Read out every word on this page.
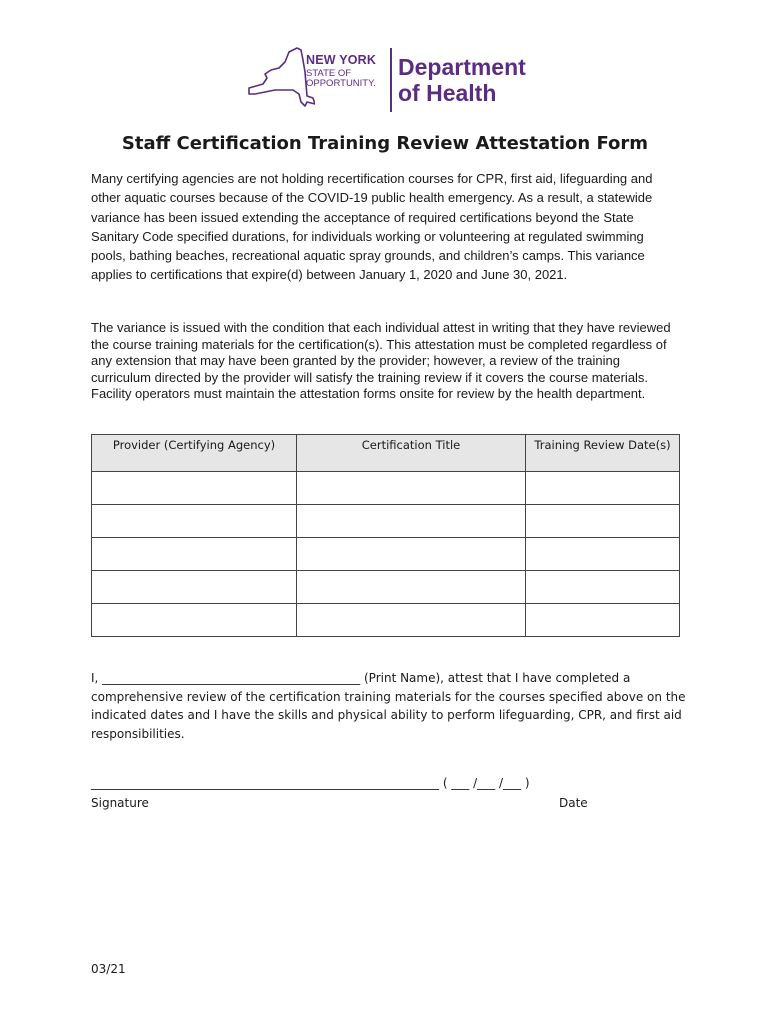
NEW YORK
STATE OF
OPPORTUNITY.
Department
of Health
Staff Certification Training Review Attestation Form
Many certifying agencies are not holding recertification courses for CPR, first aid, lifeguarding and other aquatic courses because of the COVID-19 public health emergency. As a result, a statewide variance has been issued extending the acceptance of required certifications beyond the State Sanitary Code specified durations, for individuals working or volunteering at regulated swimming pools, bathing beaches, recreational aquatic spray grounds, and children’s camps. This variance applies to certifications that expire(d) between January 1, 2020 and June 30, 2021.
The variance is issued with the condition that each individual attest in writing that they have reviewed the course training materials for the certification(s). This attestation must be completed regardless of any extension that may have been granted by the provider; however, a review of the training curriculum directed by the provider will satisfy the training review if it covers the course materials. Facility operators must maintain the attestation forms onsite for review by the health department.
Provider (Certifying Agency)	Certification Title	Training Review Date(s)

I, ___________________________________________ (Print Name), attest that I have completed a comprehensive review of the certification training materials for the courses specified above on the indicated dates and I have the skills and physical ability to perform lifeguarding, CPR, and first aid responsibilities.
__________________________________________________________ ( ___ /___ /___ )
Signature	Date
03/21
